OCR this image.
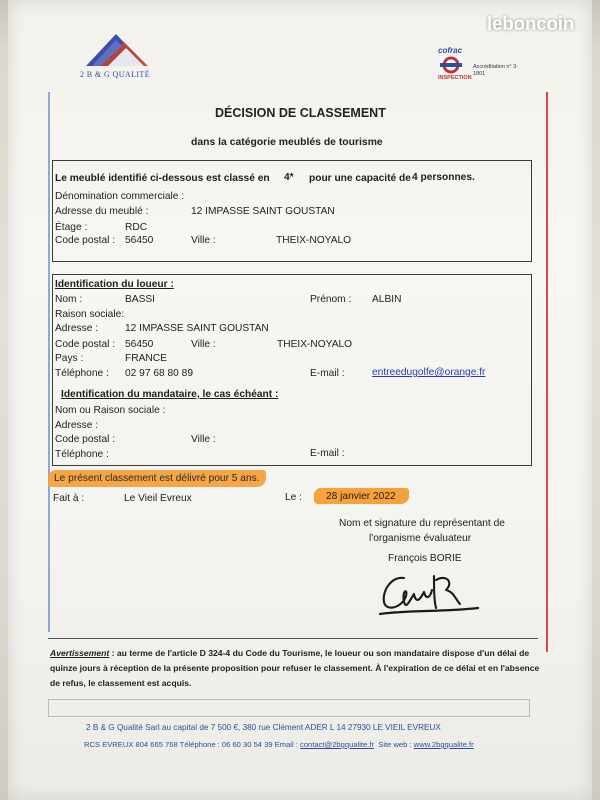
2 B & G QUALITÉ
cofrac
INSPECTION
Accréditation n° 3-
1801
DÉCISION DE CLASSEMENT
dans la catégorie meublés de tourisme
Le meublé identifié ci-dessous est classé en 4* pour une capacité de 4 personnes.
Dénomination commerciale :
Adresse du meublé :	12 IMPASSE SAINT GOUSTAN
Étage :	RDC
Code postal : 56450	Ville :	THEIX-NOYALO
Identification du loueur :
Nom :	BASSI	Prénom : ALBIN
Raison sociale:
Adresse :	12 IMPASSE SAINT GOUSTAN
Code postal : 56450	Ville :	THEIX-NOYALO
Pays :	FRANCE
Téléphone : 02 97 68 80 89	E-mail :	entreedugolfe@orange.fr
Identification du mandataire, le cas échéant :
Nom ou Raison sociale :
Adresse :
Code postal :	Ville :
Téléphone :	E-mail :
Le présent classement est délivré pour 5 ans.
Fait à :	Le Vieil Evreux	Le : 28 janvier 2022
Nom et signature du représentant de
l'organisme évaluateur
François BORIE
Avertissement : au terme de l'article D 324-4 du Code du Tourisme, le loueur ou son mandataire dispose d'un délai de
quinze jours à réception de la présente proposition pour refuser le classement. À l'expiration de ce délai et en l'absence
de refus, le classement est acquis.
2 B & G Qualité Sarl au capital de 7 500 €, 380 rue Clément ADER L 14 27930 LE VIEIL EVREUX
RCS EVREUX 804 665 768 Téléphone : 06 60 30 54 39 Email : contact@2bgqualite.fr Site web : www.2bgqualite.fr
leboncoin
